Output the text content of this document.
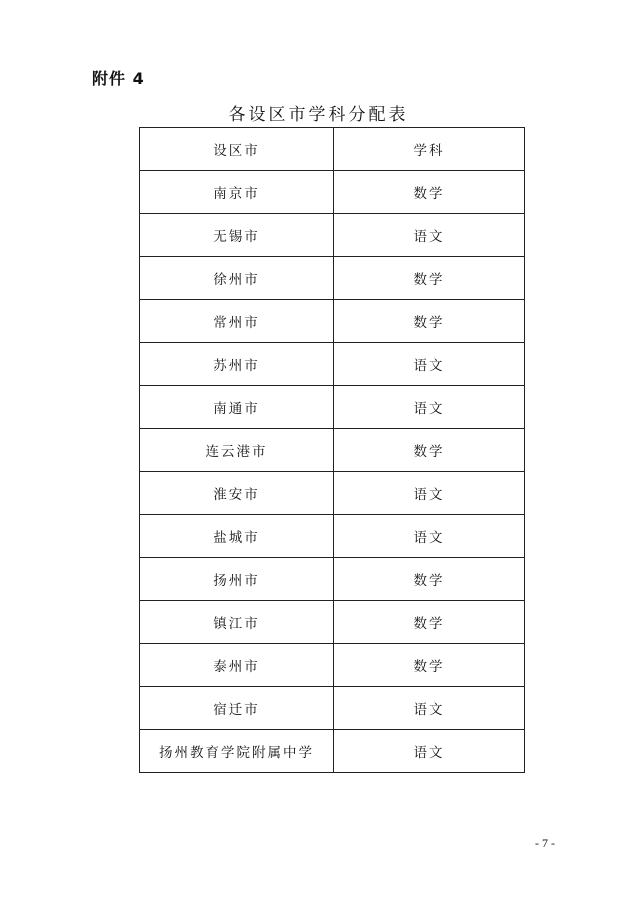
附件 4
各设区市学科分配表
设区市	学科
南京市	数学
无锡市	语文
徐州市	数学
常州市	数学
苏州市	语文
南通市	语文
连云港市	数学
淮安市	语文
盐城市	语文
扬州市	数学
镇江市	数学
泰州市	数学
宿迁市	语文
扬州教育学院附属中学	语文
- 7 -
